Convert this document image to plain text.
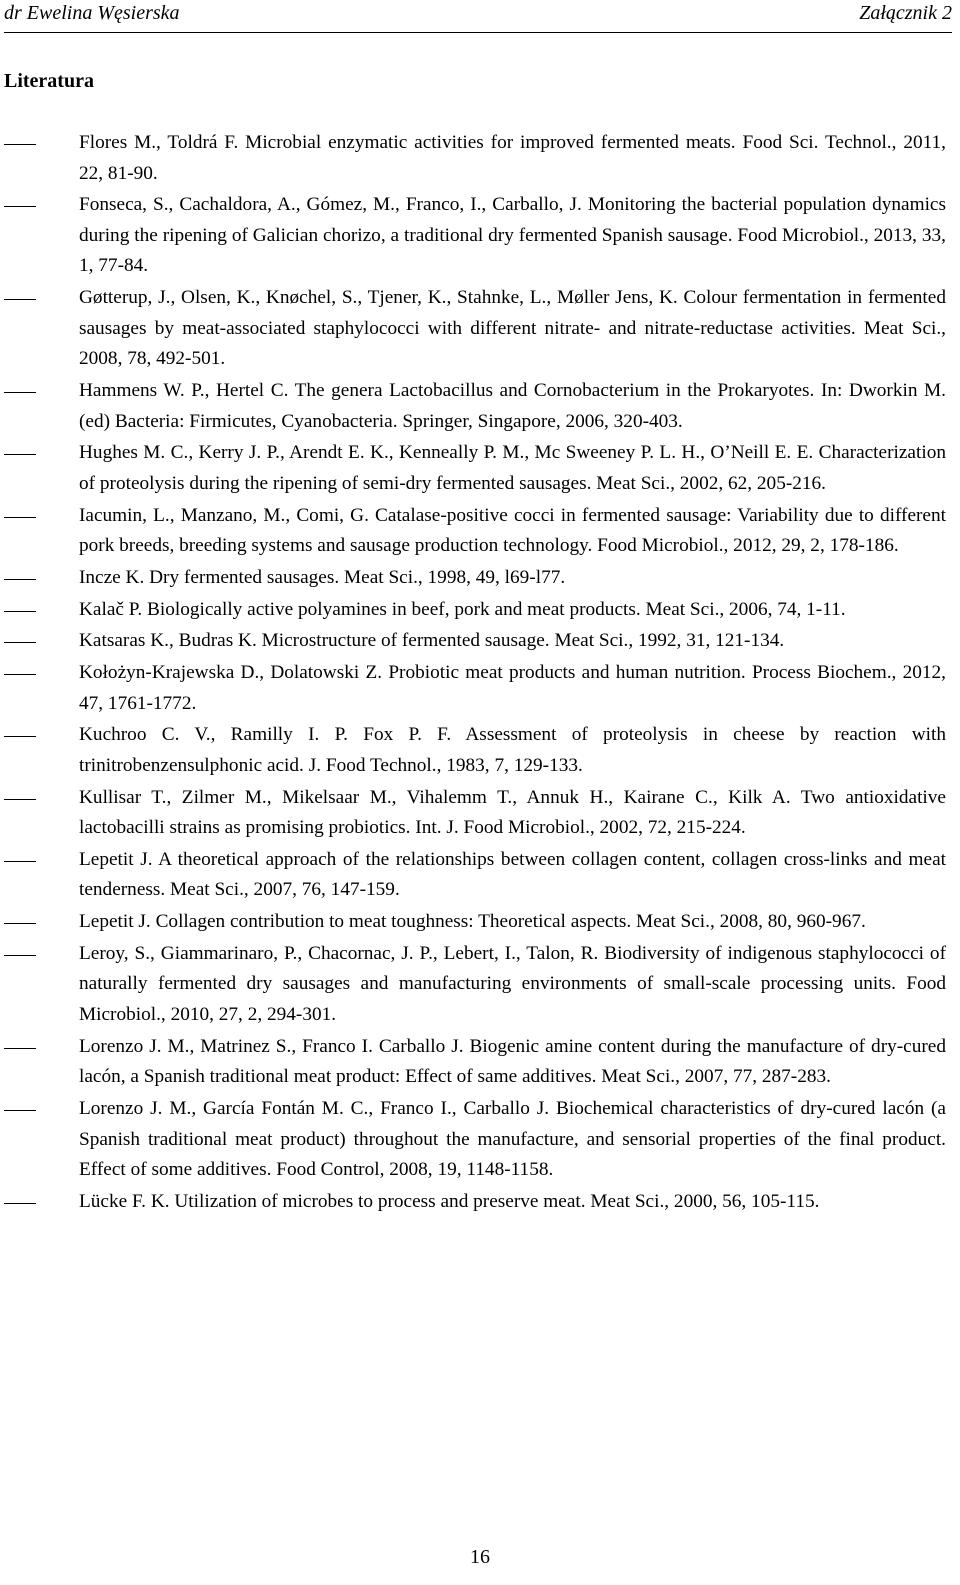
dr Ewelina Węsierska	Załącznik 2
Literatura
Flores M., Toldrá F. Microbial enzymatic activities for improved fermented meats. Food Sci. Technol., 2011, 22, 81-90.
Fonseca, S., Cachaldora, A., Gómez, M., Franco, I., Carballo, J. Monitoring the bacterial population dynamics during the ripening of Galician chorizo, a traditional dry fermented Spanish sausage. Food Microbiol., 2013, 33, 1, 77-84.
Gøtterup, J., Olsen, K., Knøchel, S., Tjener, K., Stahnke, L., Møller Jens, K. Colour fermentation in fermented sausages by meat-associated staphylococci with different nitrate- and nitrate-reductase activities. Meat Sci., 2008, 78, 492-501.
Hammens W. P., Hertel C. The genera Lactobacillus and Cornobacterium in the Prokaryotes. In: Dworkin M. (ed) Bacteria: Firmicutes, Cyanobacteria. Springer, Singapore, 2006, 320-403.
Hughes M. C., Kerry J. P., Arendt E. K., Kenneally P. M., Mc Sweeney P. L. H., O’Neill E. E. Characterization of proteolysis during the ripening of semi-dry fermented sausages. Meat Sci., 2002, 62, 205-216.
Iacumin, L., Manzano, M., Comi, G. Catalase-positive cocci in fermented sausage: Variability due to different pork breeds, breeding systems and sausage production technology. Food Microbiol., 2012, 29, 2, 178-186.
Incze K. Dry fermented sausages. Meat Sci., 1998, 49, l69-l77.
Kalač P. Biologically active polyamines in beef, pork and meat products. Meat Sci., 2006, 74, 1-11.
Katsaras K., Budras K. Microstructure of fermented sausage. Meat Sci., 1992, 31, 121-134.
Kołożyn-Krajewska D., Dolatowski Z. Probiotic meat products and human nutrition. Process Biochem., 2012, 47, 1761-1772.
Kuchroo C. V., Ramilly I. P. Fox P. F. Assessment of proteolysis in cheese by reaction with trinitrobenzensulphonic acid. J. Food Technol., 1983, 7, 129-133.
Kullisar T., Zilmer M., Mikelsaar M., Vihalemm T., Annuk H., Kairane C., Kilk A. Two antioxidative lactobacilli strains as promising probiotics. Int. J. Food Microbiol., 2002, 72, 215-224.
Lepetit J. A theoretical approach of the relationships between collagen content, collagen cross-links and meat tenderness. Meat Sci., 2007, 76, 147-159.
Lepetit J. Collagen contribution to meat toughness: Theoretical aspects. Meat Sci., 2008, 80, 960-967.
Leroy, S., Giammarinaro, P., Chacornac, J. P., Lebert, I., Talon, R. Biodiversity of indigenous staphylococci of naturally fermented dry sausages and manufacturing environments of small-scale processing units. Food Microbiol., 2010, 27, 2, 294-301.
Lorenzo J. M., Matrinez S., Franco I. Carballo J. Biogenic amine content during the manufacture of dry-cured lacón, a Spanish traditional meat product: Effect of same additives. Meat Sci., 2007, 77, 287-283.
Lorenzo J. M., García Fontán M. C., Franco I., Carballo J. Biochemical characteristics of dry-cured lacón (a Spanish traditional meat product) throughout the manufacture, and sensorial properties of the final product. Effect of some additives. Food Control, 2008, 19, 1148-1158.
Lücke F. K. Utilization of microbes to process and preserve meat. Meat Sci., 2000, 56, 105-115.
16
